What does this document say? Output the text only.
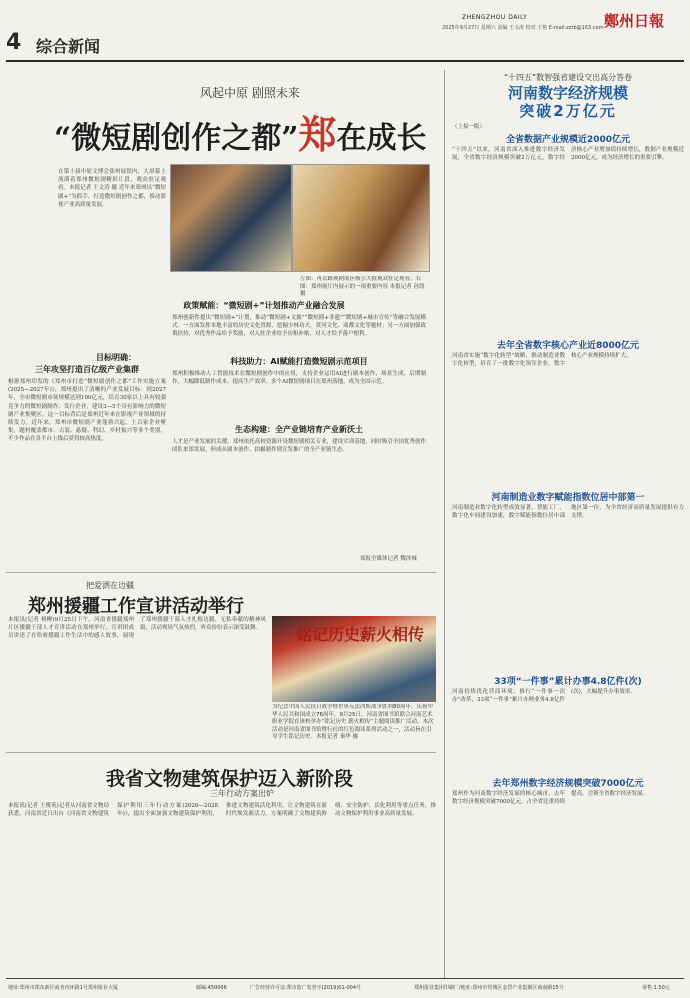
4 综合新闻
2025年9月27日 星期六 责编 王文涛 校对 王艳 E-mail:zzrb@163.com
ZHENGZHOU DAILY	鄭州日報
风起中原 剧照未来
“微短剧创作之都”郑在成长
在第十届中原文博会郑州展馆内，大屏幕上流淌着郑州微短剧精彩片段，观众驻足观看。本报记者 王文涛 摄 近年来郑州以“微短剧+”为抓手，打造微短剧创作之都，推动影视产业高质量发展。
左图：再去路观剧展区吸引大批观众驻足观看。右图：郑州展厅内展示的一项重要内容 本报记者 孙凯 摄
目标明确：
三年攻坚打造百亿级产业集群
根据郑州印发的《郑州市打造“微短剧创作之都”工作实施方案(2025—2027年)》，郑州提出了清晰的产业发展目标：到2027年，全市微短剧市场规模达到100亿元，培育30家以上具有较强竞争力的微短剧制作、发行企业，建设3—5个具有影响力的微短剧产业集聚区。这一目标背后是郑州近年来在影视产业领域的持续发力。近年来，郑州市微短剧产业蓬勃兴起，上百家企业聚集，题材覆盖都市、古装、悬疑、科幻、乡村振兴等多个类别，不少作品在各平台上线后获得较高热度。
政策赋能：“微短剧+”计划推动产业融合发展
郑州创新性提出“微短剧+”计划，推动“微短剧+文旅”“微短剧+非遗”“微短剧+城市宣传”等融合发展模式。一方面发挥本地丰富的历史文化资源，挖掘少林功夫、黄河文化、商都文化等题材；另一方面加强政策扶持，对优秀作品给予奖励，对入驻企业给予房租补贴，对人才给予落户便利。
科技助力：AI赋能打造微短剧示范项目
郑州积极推动人工智能技术在微短剧创作中的应用，支持企业运用AI进行剧本创作、场景生成、后期制作，大幅降低制作成本、提高生产效率。多个AI微短剧项目在郑州落地，成为全国示范。
生态构建：全产业链培育产业新沃土
人才是产业发展的关键。郑州依托高校资源开设微短剧相关专业，建设实训基地，同时吸引全国优秀创作团队来郑发展，形成从剧本创作、拍摄制作到宣发推广的全产业链生态。
郑报全媒体记者 魏泽城
把爱洒在边疆
郑州援疆工作宣讲活动举行
本报讯(记者 杨柳)9月25日下午，河南省援疆郑州片区援疆干部人才宣讲活动在郑州举行。宣讲团成员讲述了在哈密援疆工作生活中的感人故事，展现了郑州援疆干部人才扎根边疆、无私奉献的精神风貌。活动现场气氛热烈，听众纷纷表示深受鼓舞。	铭记历史 薪火相传
为纪念中国人民抗日战争暨世界反法西斯战争胜利80周年，庆祝中华人民共和国成立76周年，9月25日，河南省图书馆联合河南艺术职业学院在该校举办“铭记历史 薪火相传”主题阅读推广活动。本次活动是河南省图书馆暨行社的红色阅读系列活动之一，活动旨在引导学生铭记历史。本报记者 秦华 摄
我省文物建筑保护迈入新阶段
三年行动方案出炉
本报讯(记者 王俊英)记者从河南省文物局获悉，河南省近日出台《河南省文物建筑保护利用三年行动方案(2026—2028年)》，提出全面加强文物建筑保护利用，推进文物建筑活化利用，让文物建筑在新时代焕发新活力。方案明确了文物建筑修缮、安全防护、活化利用等重点任务，推动文物保护利用事业高质量发展。
“十四五”数智强省建设交出高分答卷
河南数字经济规模
突破2万亿元
（上接一版）
全省数据产业规模近2000亿元
“十四五”以来，河南省深入推进数字经济发展，全省数字经济规模突破2万亿元，数字经济核心产业增加值持续增长，数据产业规模近2000亿元，成为经济增长的重要引擎。
去年全省数字核心产业近8000亿元
河南省实施“数字化转型”战略，推动制造业数字化转型，培育了一批数字化领军企业，数字核心产业规模持续扩大。
河南制造业数字赋能指数位居中部第一
河南制造业数字化转型成效显著，智能工厂、数字化车间建设加速，数字赋能指数位居中部地区第一位，为全省经济高质量发展提供有力支撑。
33项“一件事”累计办事4.8亿件(次)
河南持续优化营商环境，推行“一件事一次办”改革，33项“一件事”累计办理业务4.8亿件(次)，大幅提升办事效率。
去年郑州数字经济规模突破7000亿元
郑州作为河南数字经济发展的核心城市，去年数字经济规模突破7000亿元，占全省比重持续提高，引领全省数字经济发展。
地址:郑州市郑东新区商务内环路1号郑州报业大厦	邮编:450006	广告经营许可证:郑市监广发登字(2019)01-004号	郑州报业集团印刷厂/地址:郑州市管城区金岱产业集聚区商南路15号	零售:1.50元
